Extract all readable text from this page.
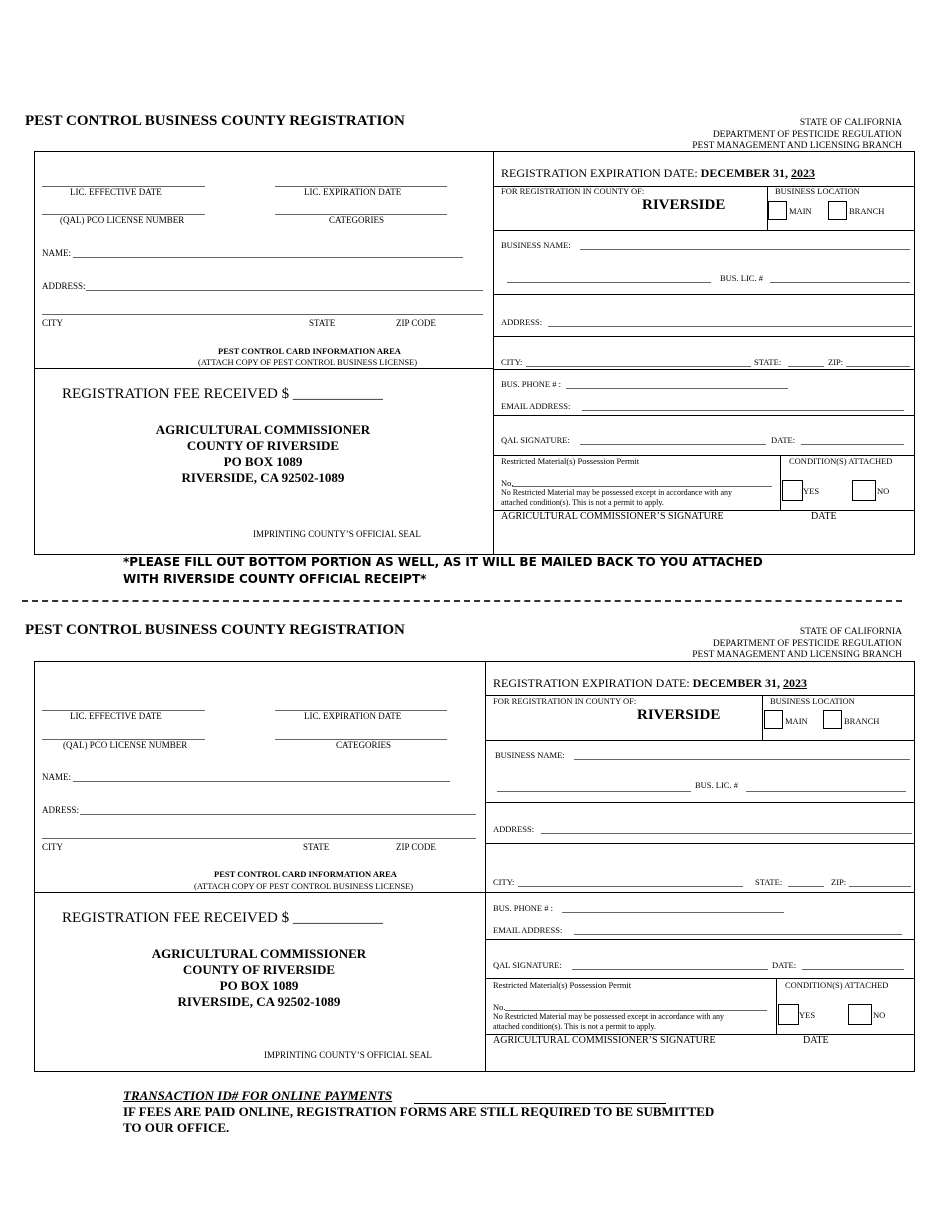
PEST CONTROL BUSINESS COUNTY REGISTRATION	STATE OF CALIFORNIA
DEPARTMENT OF PESTICIDE REGULATION
PEST MANAGEMENT AND LICENSING BRANCH
LIC. EFFECTIVE DATE	LIC. EXPIRATION DATE
(QAL) PCO LICENSE NUMBER	CATEGORIES
NAME:
ADDRESS:
CITY	STATE	ZIP CODE
PEST CONTROL CARD INFORMATION AREA
(ATTACH COPY OF PEST CONTROL BUSINESS LICENSE)
REGISTRATION FEE RECEIVED $ ____________
AGRICULTURAL COMMISSIONER
COUNTY OF RIVERSIDE
PO BOX 1089
RIVERSIDE, CA 92502-1089
IMPRINTING COUNTY’S OFFICIAL SEAL
REGISTRATION EXPIRATION DATE: DECEMBER 31, 2023
FOR REGISTRATION IN COUNTY OF:
RIVERSIDE
BUSINESS LOCATION
MAIN	BRANCH
BUSINESS NAME:
BUS. LIC. #
ADDRESS:
CITY:	STATE:	ZIP:
BUS. PHONE # :
EMAIL ADDRESS:
QAL SIGNATURE:	DATE:
Restricted Material(s) Possession Permit	CONDITION(S) ATTACHED
No.
No Restricted Material may be possessed except in accordance with any
attached condition(s). This is not a permit to apply.
YES	NO
AGRICULTURAL COMMISSIONER’S SIGNATURE	DATE
*PLEASE FILL OUT BOTTOM PORTION AS WELL, AS IT WILL BE MAILED BACK TO YOU ATTACHED
WITH RIVERSIDE COUNTY OFFICIAL RECEIPT*
PEST CONTROL BUSINESS COUNTY REGISTRATION	STATE OF CALIFORNIA
DEPARTMENT OF PESTICIDE REGULATION
PEST MANAGEMENT AND LICENSING BRANCH
LIC. EFFECTIVE DATE	LIC. EXPIRATION DATE
(QAL) PCO LICENSE NUMBER	CATEGORIES
NAME:
ADRESS:
CITY	STATE	ZIP CODE
PEST CONTROL CARD INFORMATION AREA
(ATTACH COPY OF PEST CONTROL BUSINESS LICENSE)
REGISTRATION FEE RECEIVED $ ____________
AGRICULTURAL COMMISSIONER
COUNTY OF RIVERSIDE
PO BOX 1089
RIVERSIDE, CA 92502-1089
IMPRINTING COUNTY’S OFFICIAL SEAL
REGISTRATION EXPIRATION DATE: DECEMBER 31, 2023
FOR REGISTRATION IN COUNTY OF:
RIVERSIDE
BUSINESS LOCATION
MAIN	BRANCH
BUSINESS NAME:
BUS. LIC. #
ADDRESS:
CITY:	STATE:	ZIP:
BUS. PHONE # :
EMAIL ADDRESS:
QAL SIGNATURE:	DATE:
Restricted Material(s) Possession Permit	CONDITION(S) ATTACHED
No.
No Restricted Material may be possessed except in accordance with any
attached condition(s). This is not a permit to apply.
YES	NO
AGRICULTURAL COMMISSIONER’S SIGNATURE	DATE
TRANSACTION ID# FOR ONLINE PAYMENTS
IF FEES ARE PAID ONLINE, REGISTRATION FORMS ARE STILL REQUIRED TO BE SUBMITTED
TO OUR OFFICE.
